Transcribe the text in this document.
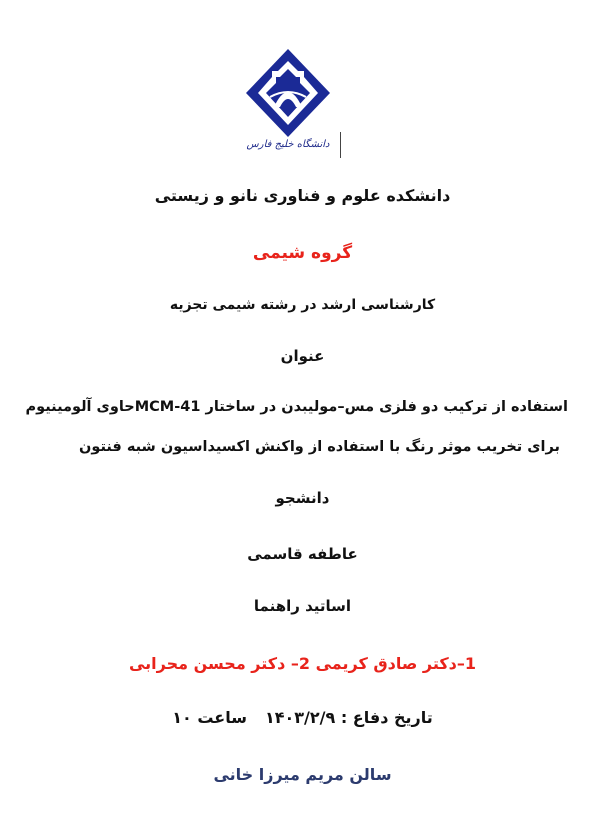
دانشگاه خلیج فارس
دانشکده علوم و فناوری نانو و زیستی
گروه شیمی
کارشناسی ارشد در رشته شیمی تجزیه
عنوان
استفاده از ترکیب دو فلزی مس–مولیبدن در ساختار MCM-41حاوی آلومینیوم
برای تخریب موثر رنگ با استفاده از واکنش اکسیداسیون شبه فنتون
دانشجو
عاطفه قاسمی
اساتید راهنما
1–دکتر صادق کریمی 2– دکتر محسن محرابی
تاریخ دفاع : ۱۴۰۳/۲/۹ساعت ۱۰
سالن مریم میرزا خانی
